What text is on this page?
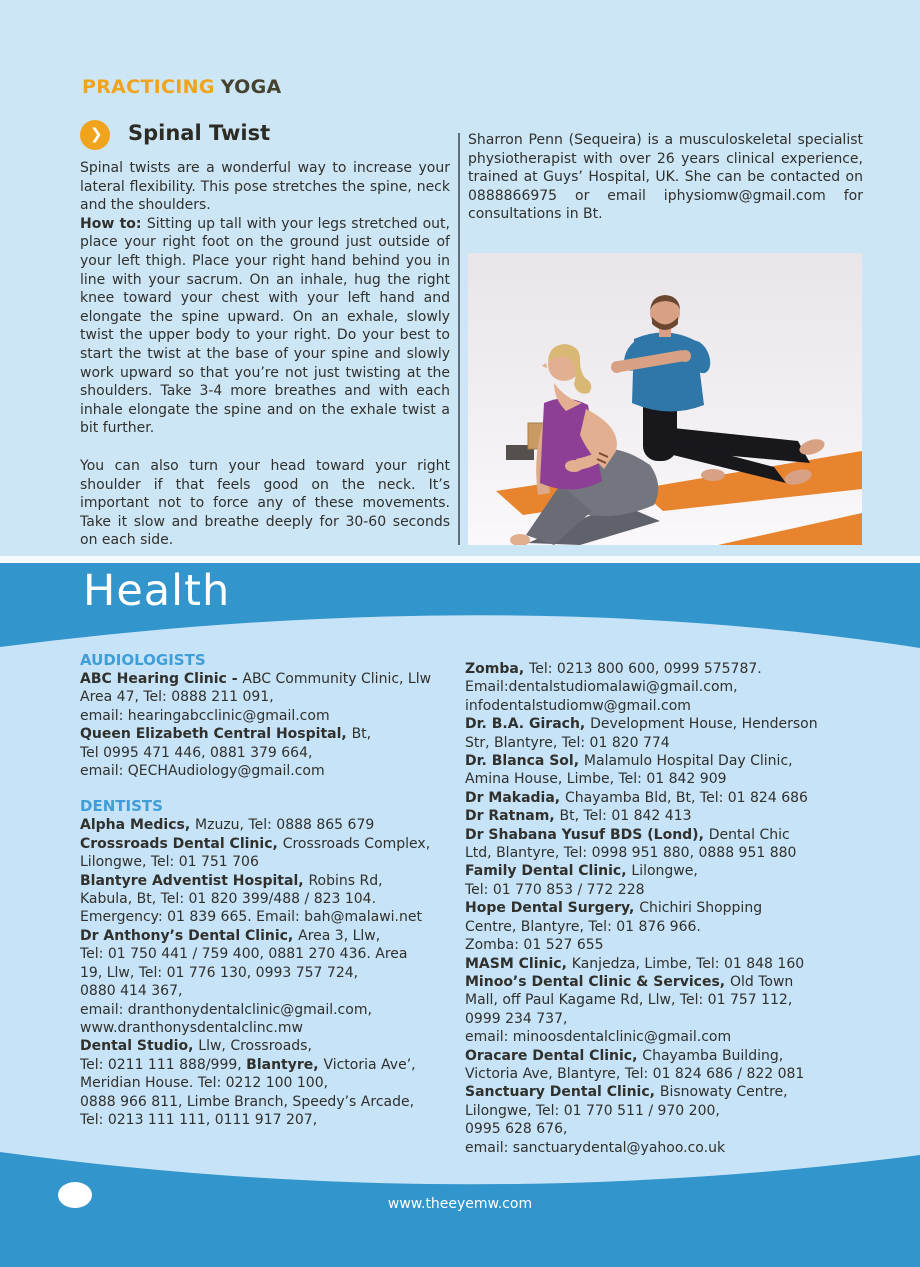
PRACTICING YOGA
❯ Spinal Twist

Spinal twists are a wonderful way to increase your lateral flexibility. This pose stretches the spine, neck and the shoulders.

How to: Sitting up tall with your legs stretched out, place your right foot on the ground just outside of your left thigh. Place your right hand behind you in line with your sacrum. On an inhale, hug the right knee toward your chest with your left hand and elongate the spine upward. On an exhale, slowly twist the upper body to your right. Do your best to start the twist at the base of your spine and slowly work upward so that you’re not just twisting at the shoulders. Take 3-4 more breathes and with each inhale elongate the spine and on the exhale twist a bit further.

You can also turn your head toward your right shoulder if that feels good on the neck. It’s important not to force any of these movements. Take it slow and breathe deeply for 30-60 seconds on each side.

Sharron Penn (Sequeira) is a musculoskeletal specialist physiotherapist with over 26 years clinical experience, trained at Guys’ Hospital, UK. She can be contacted on 0888866975 or email iphysiomw@gmail.com for consultations in Bt.

Health
AUDIOLOGISTS
ABC Hearing Clinic - ABC Community Clinic, Llw
Area 47, Tel: 0888 211 091,
email: hearingabcclinic@gmail.com
Queen Elizabeth Central Hospital, Bt,
Tel 0995 471 446, 0881 379 664,
email: QECHAudiology@gmail.com
DENTISTS
Alpha Medics, Mzuzu, Tel: 0888 865 679
Crossroads Dental Clinic, Crossroads Complex,
Lilongwe, Tel: 01 751 706
Blantyre Adventist Hospital, Robins Rd,
Kabula, Bt, Tel: 01 820 399/488 / 823 104.
Emergency: 01 839 665. Email: bah@malawi.net
Dr Anthony’s Dental Clinic, Area 3, Llw,
Tel: 01 750 441 / 759 400, 0881 270 436. Area
19, Llw, Tel: 01 776 130, 0993 757 724,
0880 414 367,
email: dranthonydentalclinic@gmail.com,
www.dranthonysdentalclinc.mw
Dental Studio, Llw, Crossroads,
Tel: 0211 111 888/999, Blantyre, Victoria Ave’,
Meridian House. Tel: 0212 100 100,
0888 966 811, Limbe Branch, Speedy’s Arcade,
Tel: 0213 111 111, 0111 917 207,
Zomba, Tel: 0213 800 600, 0999 575787.
Email:dentalstudiomalawi@gmail.com,
infodentalstudiomw@gmail.com
Dr. B.A. Girach, Development House, Henderson
Str, Blantyre, Tel: 01 820 774
Dr. Blanca Sol, Malamulo Hospital Day Clinic,
Amina House, Limbe, Tel: 01 842 909
Dr Makadia, Chayamba Bld, Bt, Tel: 01 824 686
Dr Ratnam, Bt, Tel: 01 842 413
Dr Shabana Yusuf BDS (Lond), Dental Chic
Ltd, Blantyre, Tel: 0998 951 880, 0888 951 880
Family Dental Clinic, Lilongwe,
Tel: 01 770 853 / 772 228
Hope Dental Surgery, Chichiri Shopping
Centre, Blantyre, Tel: 01 876 966.
Zomba: 01 527 655
MASM Clinic, Kanjedza, Limbe, Tel: 01 848 160
Minoo’s Dental Clinic & Services, Old Town
Mall, off Paul Kagame Rd, Llw, Tel: 01 757 112,
0999 234 737,
email: minoosdentalclinic@gmail.com
Oracare Dental Clinic, Chayamba Building,
Victoria Ave, Blantyre, Tel: 01 824 686 / 822 081
Sanctuary Dental Clinic, Bisnowaty Centre,
Lilongwe, Tel: 01 770 511 / 970 200,
0995 628 676,
email: sanctuarydental@yahoo.co.uk
www.theeyemw.com
